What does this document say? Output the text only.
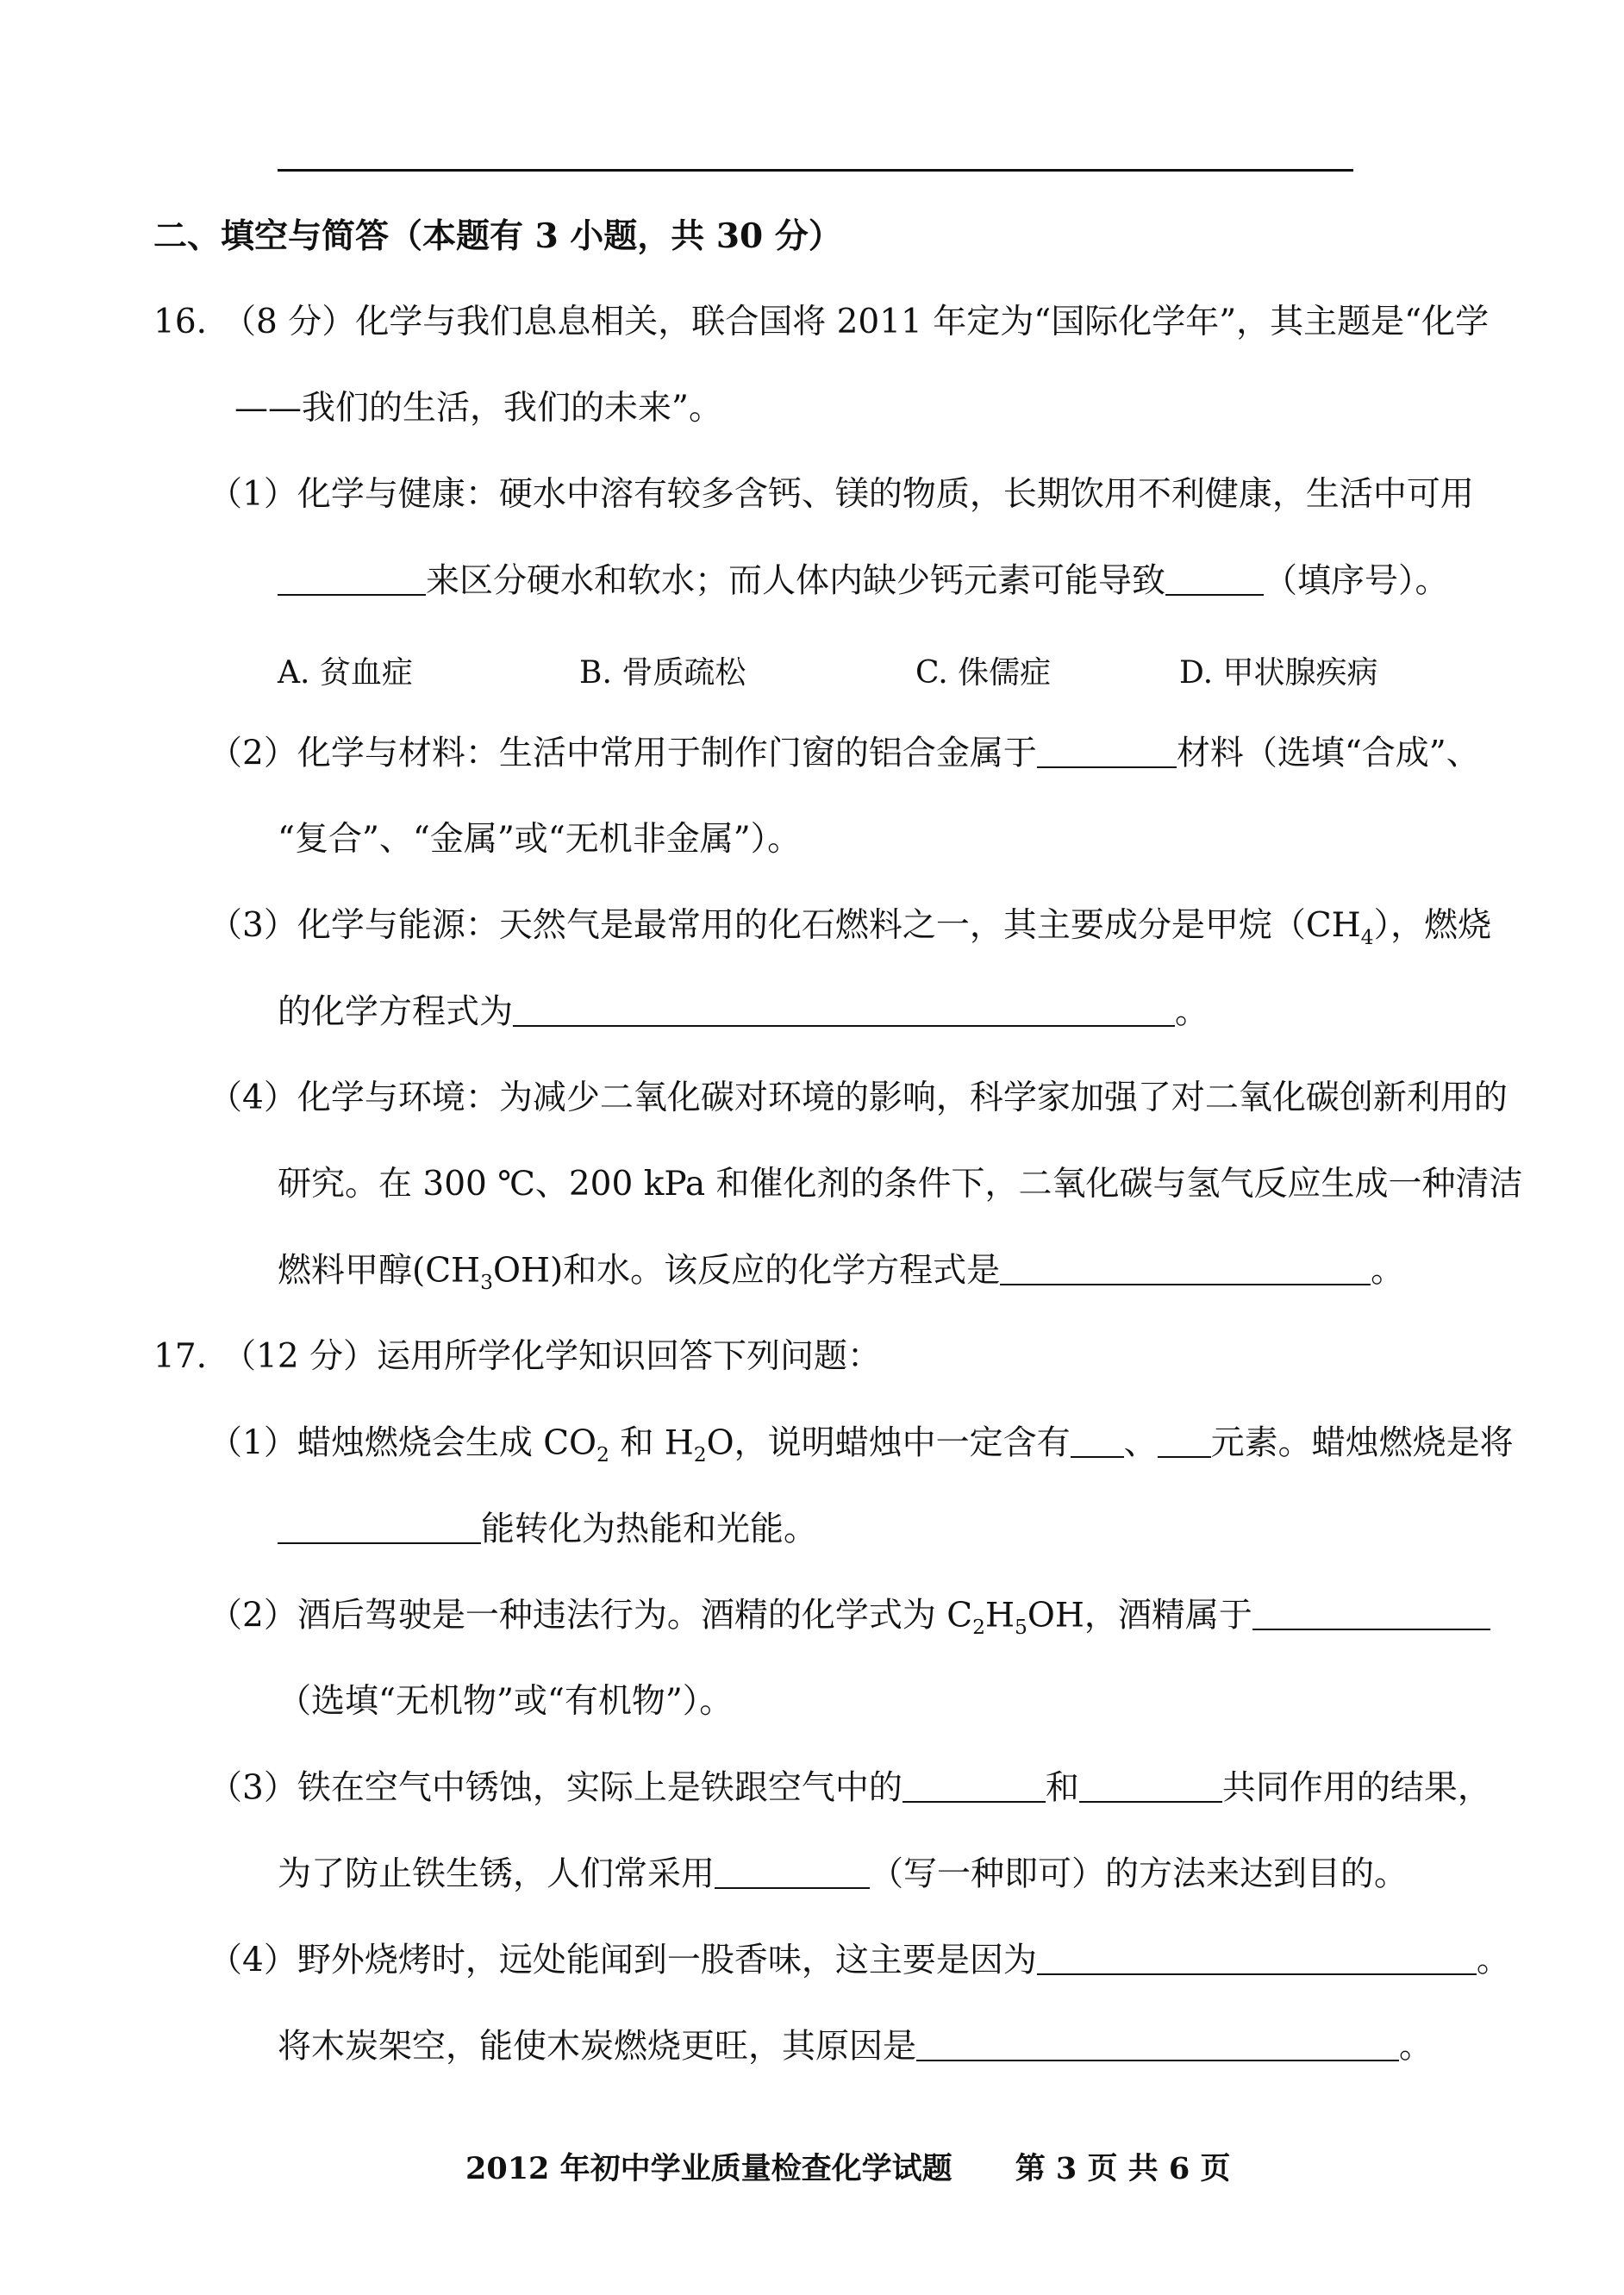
二、填空与简答（本题有 3 小题，共 30 分）
16. （8 分）化学与我们息息相关，联合国将 2011 年定为“国际化学年”，其主题是“化学
——我们的生活，我们的未来”。
（1）化学与健康：硬水中溶有较多含钙、镁的物质，长期饮用不利健康，生活中可用
来区分硬水和软水；而人体内缺少钙元素可能导致	（填序号）。
A. 贫血症	B. 骨质疏松	C. 侏儒症	D. 甲状腺疾病
（2）化学与材料：生活中常用于制作门窗的铝合金属于	材料（选填“合成”、
“复合”、“金属”或“无机非金属”）。
（3）化学与能源：天然气是最常用的化石燃料之一，其主要成分是甲烷$(CH_4)$，燃烧
的化学方程式为	。
（4）化学与环境：为减少二氧化碳对环境的影响，科学家加强了对二氧化碳创新利用的
研究。在 300 ℃、200 kPa 和催化剂的条件下，二氧化碳与氢气反应生成一种清洁
燃料甲醇$(CH_3OH)$和水。该反应的化学方程式是	。
17. （12 分）运用所学化学知识回答下列问题：
（1）蜡烛燃烧会生成 $CO_2$ 和 $H_2O$，说明蜡烛中一定含有 、 元素。蜡烛燃烧是将
能转化为热能和光能。
（2）酒后驾驶是一种违法行为。酒精的化学式为 $C_2H_5OH$，酒精属于
（选填“无机物”或“有机物”）。
（3）铁在空气中锈蚀，实际上是铁跟空气中的	和	共同作用的结果，
为了防止铁生锈，人们常采用	（写一种即可）的方法来达到目的。
（4）野外烧烤时，远处能闻到一股香味，这主要是因为	。
将木炭架空，能使木炭燃烧更旺，其原因是	。
2012 年初中学业质量检查化学试题 第 3 页 共 6 页
